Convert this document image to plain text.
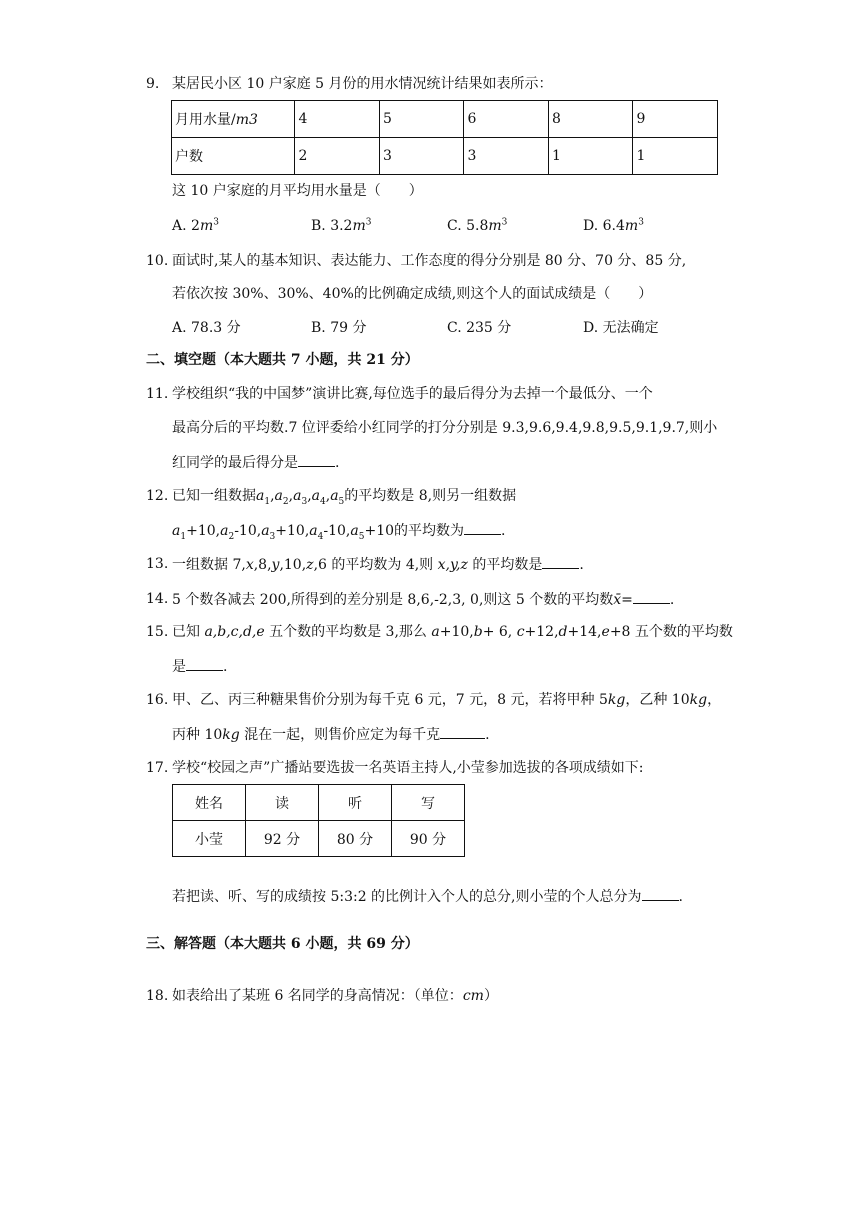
9. 某居民小区 10 户家庭 5 月份的用水情况统计结果如表所示：
月用水量/m3	4	5	6	8	9
户数	2	3	3	1	1
这 10 户家庭的月平均用水量是（　　）
A. $2m^3$	B. $3.2m^3$	C. $5.8m^3$	D. $6.4m^3$
10. 面试时,某人的基本知识、表达能力、工作态度的得分分别是 80 分、70 分、85 分,
若依次按 30%、30%、40%的比例确定成绩,则这个人的面试成绩是（　　）
A. 78.3 分	B. 79 分	C. 235 分	D. 无法确定
二、填空题（本大题共 7 小题，共 21 分）
11. 学校组织“我的中国梦”演讲比赛,每位选手的最后得分为去掉一个最低分、一个
最高分后的平均数.7 位评委给小红同学的打分分别是 9.3,9.6,9.4,9.8,9.5,9.1,9.7,则小
红同学的最后得分是	.
12. 已知一组数据$a_1,a_2,a_3,a_4,a_5$的平均数是 8,则另一组数据
$a_1+10,a_2-10,a_3+10,a_4-10,a_5+10$的平均数为	.
13. 一组数据 7,x,8,y,10,z,6 的平均数为 4,则 x,y,z 的平均数是	.
14. 5 个数各减去 200,所得到的差分别是 8,6,-2,3, 0,则这 5 个数的平均数x̄=	.
15. 已知 a,b,c,d,e 五个数的平均数是 3,那么 a+10,b+ 6, c+12,d+14,e+8 五个数的平均数
是	.
16. 甲、乙、丙三种糖果售价分别为每千克 6 元，7 元，8 元，若将甲种 5kg，乙种 10kg，
丙种 10kg 混在一起，则售价应定为每千克	.
17. 学校“校园之声”广播站要选拔一名英语主持人,小莹参加选拔的各项成绩如下:
姓名	读	听	写
小莹	92 分	80 分	90 分
若把读、听、写的成绩按 5:3:2 的比例计入个人的总分,则小莹的个人总分为	.
三、解答题（本大题共 6 小题，共 69 分）
18. 如表给出了某班 6 名同学的身高情况：（单位：cm）
